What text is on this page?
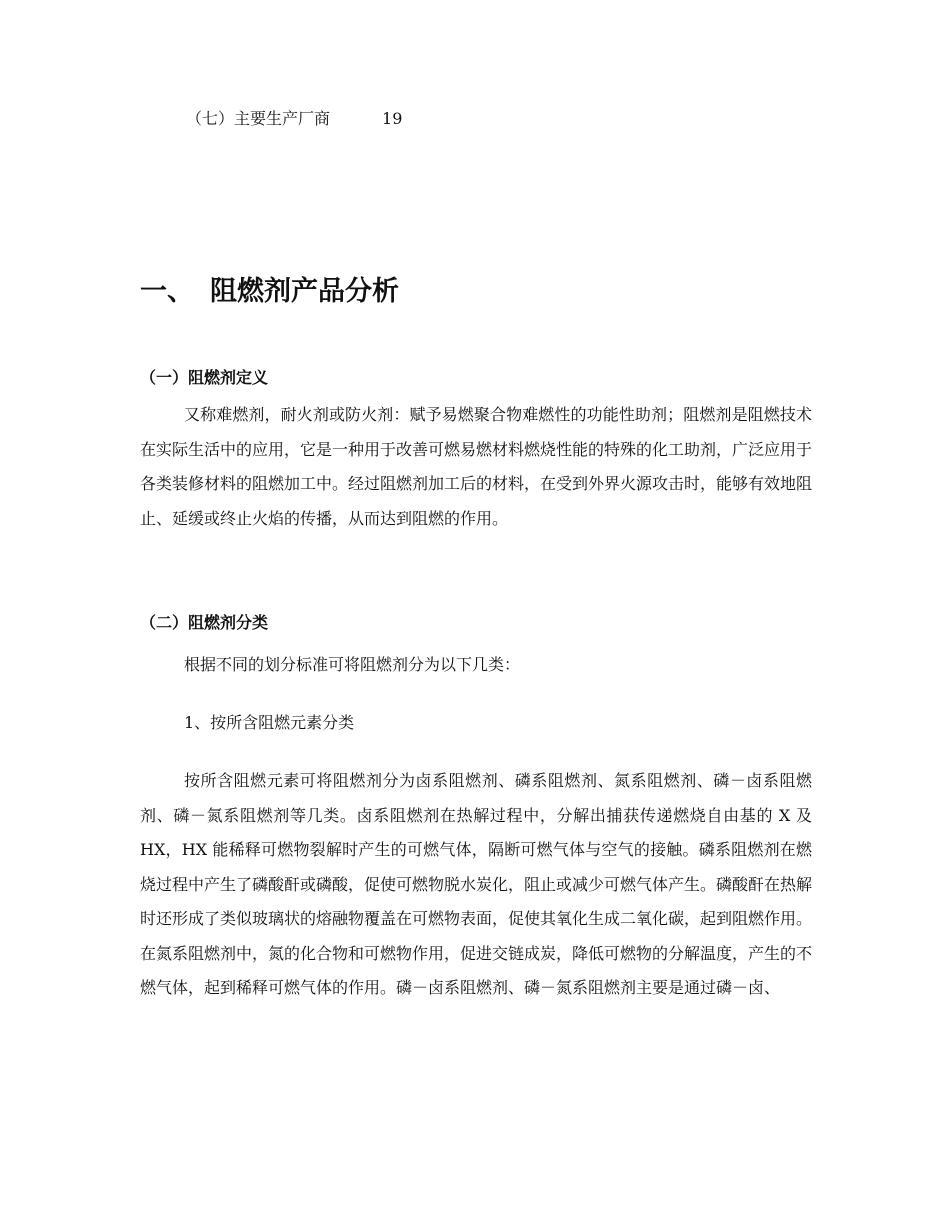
（七）主要生产厂商	19
一、 阻燃剂产品分析
（一）阻燃剂定义
又称难燃剂，耐火剂或防火剂：赋予易燃聚合物难燃性的功能性助剂；阻燃剂是阻燃技术在实际生活中的应用，它是一种用于改善可燃易燃材料燃烧性能的特殊的化工助剂，广泛应用于各类装修材料的阻燃加工中。经过阻燃剂加工后的材料，在受到外界火源攻击时，能够有效地阻止、延缓或终止火焰的传播，从而达到阻燃的作用。
（二）阻燃剂分类
根据不同的划分标准可将阻燃剂分为以下几类：
1、按所含阻燃元素分类
按所含阻燃元素可将阻燃剂分为卤系阻燃剂、磷系阻燃剂、氮系阻燃剂、磷－卤系阻燃剂、磷－氮系阻燃剂等几类。卤系阻燃剂在热解过程中，分解出捕获传递燃烧自由基的 X 及 HX，HX 能稀释可燃物裂解时产生的可燃气体，隔断可燃气体与空气的接触。磷系阻燃剂在燃烧过程中产生了磷酸酐或磷酸，促使可燃物脱水炭化，阻止或减少可燃气体产生。磷酸酐在热解时还形成了类似玻璃状的熔融物覆盖在可燃物表面，促使其氧化生成二氧化碳，起到阻燃作用。在氮系阻燃剂中，氮的化合物和可燃物作用，促进交链成炭，降低可燃物的分解温度，产生的不燃气体，起到稀释可燃气体的作用。磷－卤系阻燃剂、磷－氮系阻燃剂主要是通过磷－卤、
